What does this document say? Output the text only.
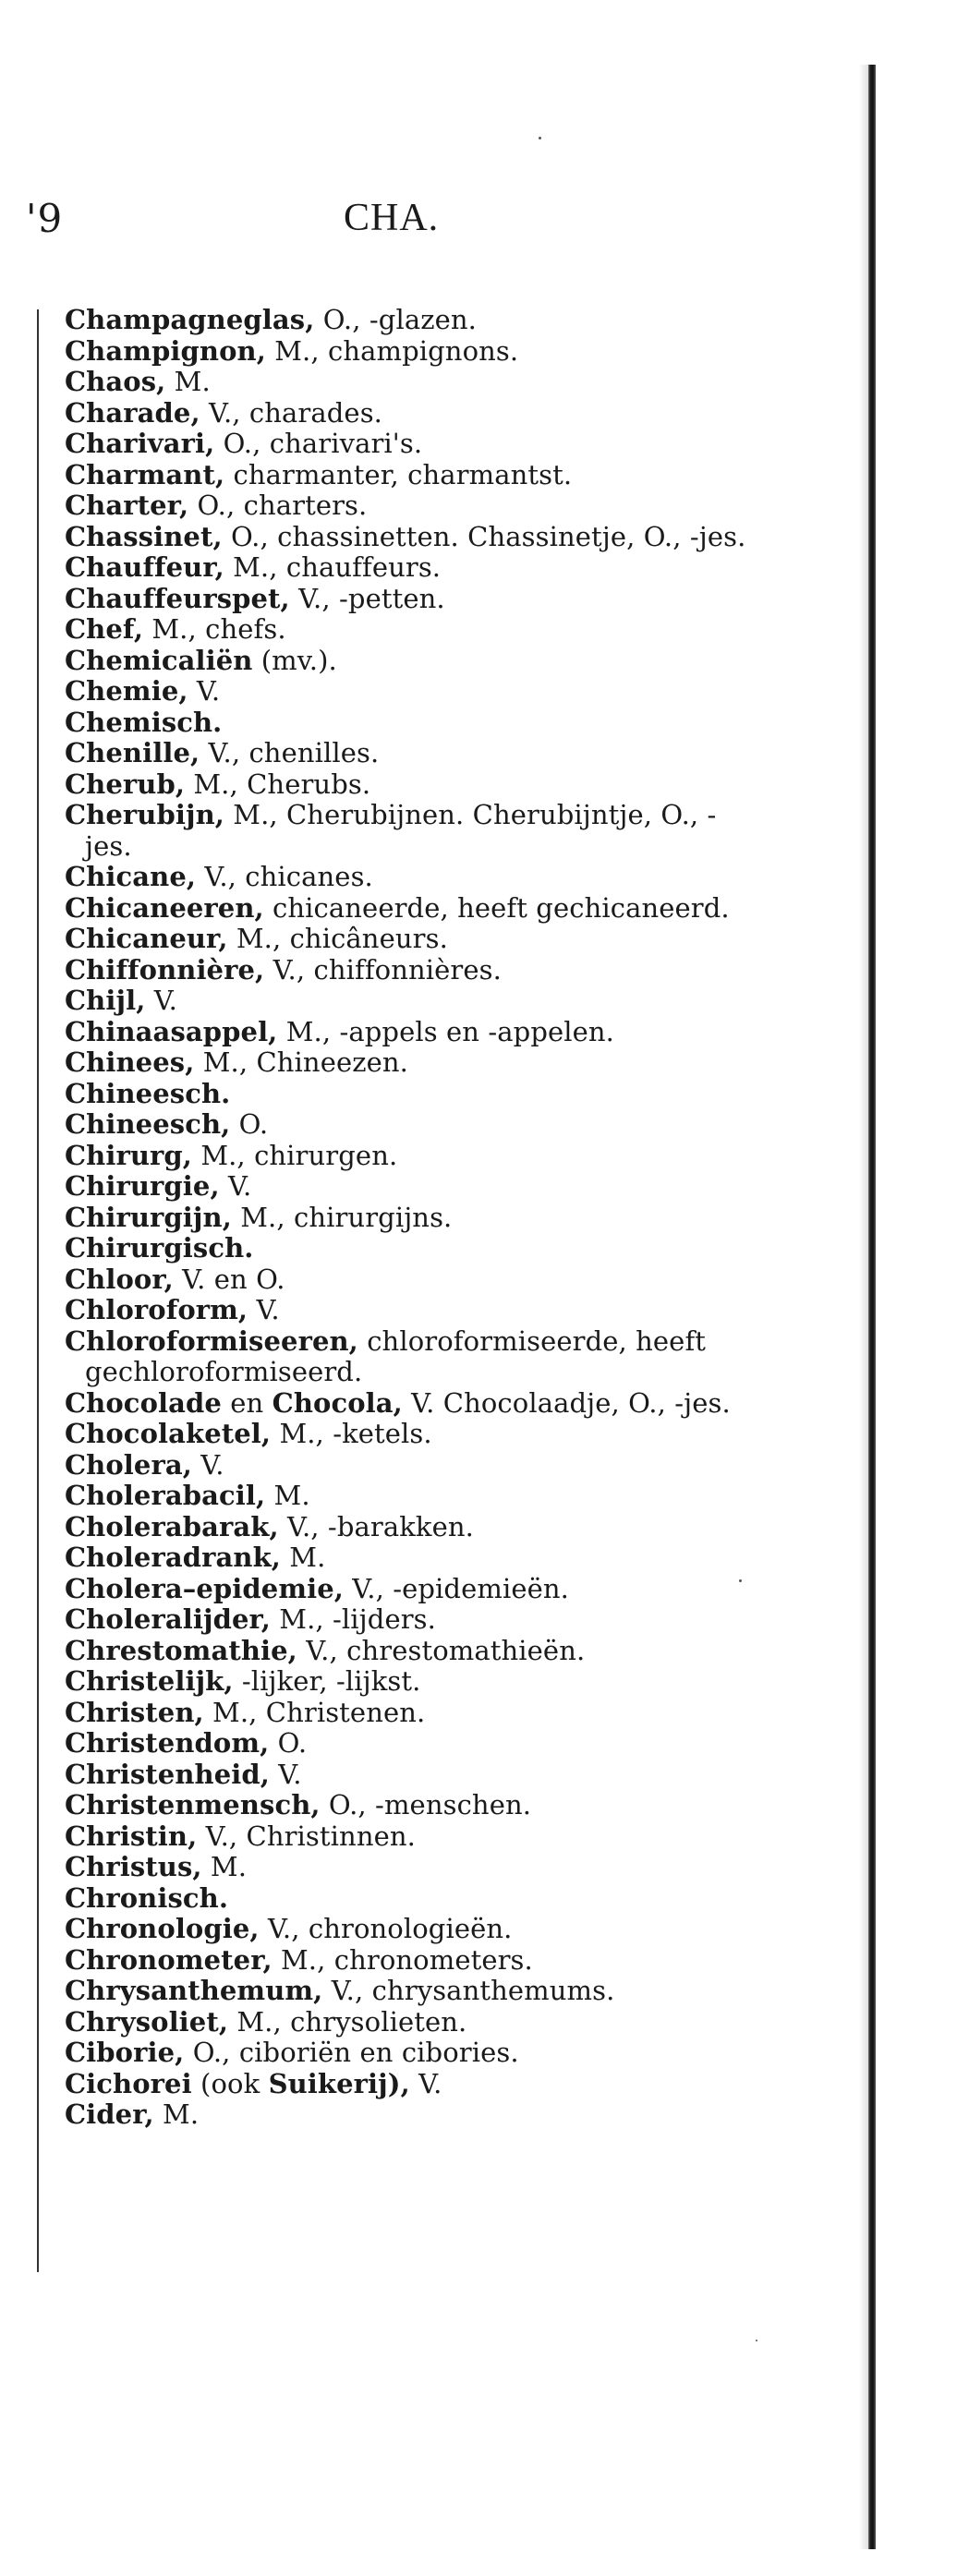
'9	CHA.
Champagneglas, O., -glazen.
Champignon, M., champignons.
Chaos, M.
Charade, V., charades.
Charivari, O., charivari's.
Charmant, charmanter, charmantst.
Charter, O., charters.
Chassinet, O., chassinetten. Chassinetje, O., -jes.
Chauffeur, M., chauffeurs.
Chauffeurspet, V., -petten.
Chef, M., chefs.
Chemicaliën (mv.).
Chemie, V.
Chemisch.
Chenille, V., chenilles.
Cherub, M., Cherubs.
Cherubijn, M., Cherubijnen. Cherubijntje, O., -jes.
Chicane, V., chicanes.
Chicaneeren, chicaneerde, heeft gechicaneerd.
Chicaneur, M., chicâneurs.
Chiffonnière, V., chiffonnières.
Chijl, V.
Chinaasappel, M., -appels en -appelen.
Chinees, M., Chineezen.
Chineesch.
Chineesch, O.
Chirurg, M., chirurgen.
Chirurgie, V.
Chirurgijn, M., chirurgijns.
Chirurgisch.
Chloor, V. en O.
Chloroform, V.
Chloroformiseeren, chloroformiseerde, heeft gechloroformiseerd.
Chocolade en Chocola, V. Chocolaadje, O., -jes.
Chocolaketel, M., -ketels.
Cholera, V.
Cholerabacil, M.
Cholerabarak, V., -barakken.
Choleradrank, M.
Cholera–epidemie, V., -epidemieën.
Choleralijder, M., -lijders.
Chrestomathie, V., chrestomathieën.
Christelijk, -lijker, -lijkst.
Christen, M., Christenen.
Christendom, O.
Christenheid, V.
Christenmensch, O., -menschen.
Christin, V., Christinnen.
Christus, M.
Chronisch.
Chronologie, V., chronologieën.
Chronometer, M., chronometers.
Chrysanthemum, V., chrysanthemums.
Chrysoliet, M., chrysolieten.
Ciborie, O., ciboriën en cibories.
Cichorei (ook Suikerij), V.
Cider, M.
